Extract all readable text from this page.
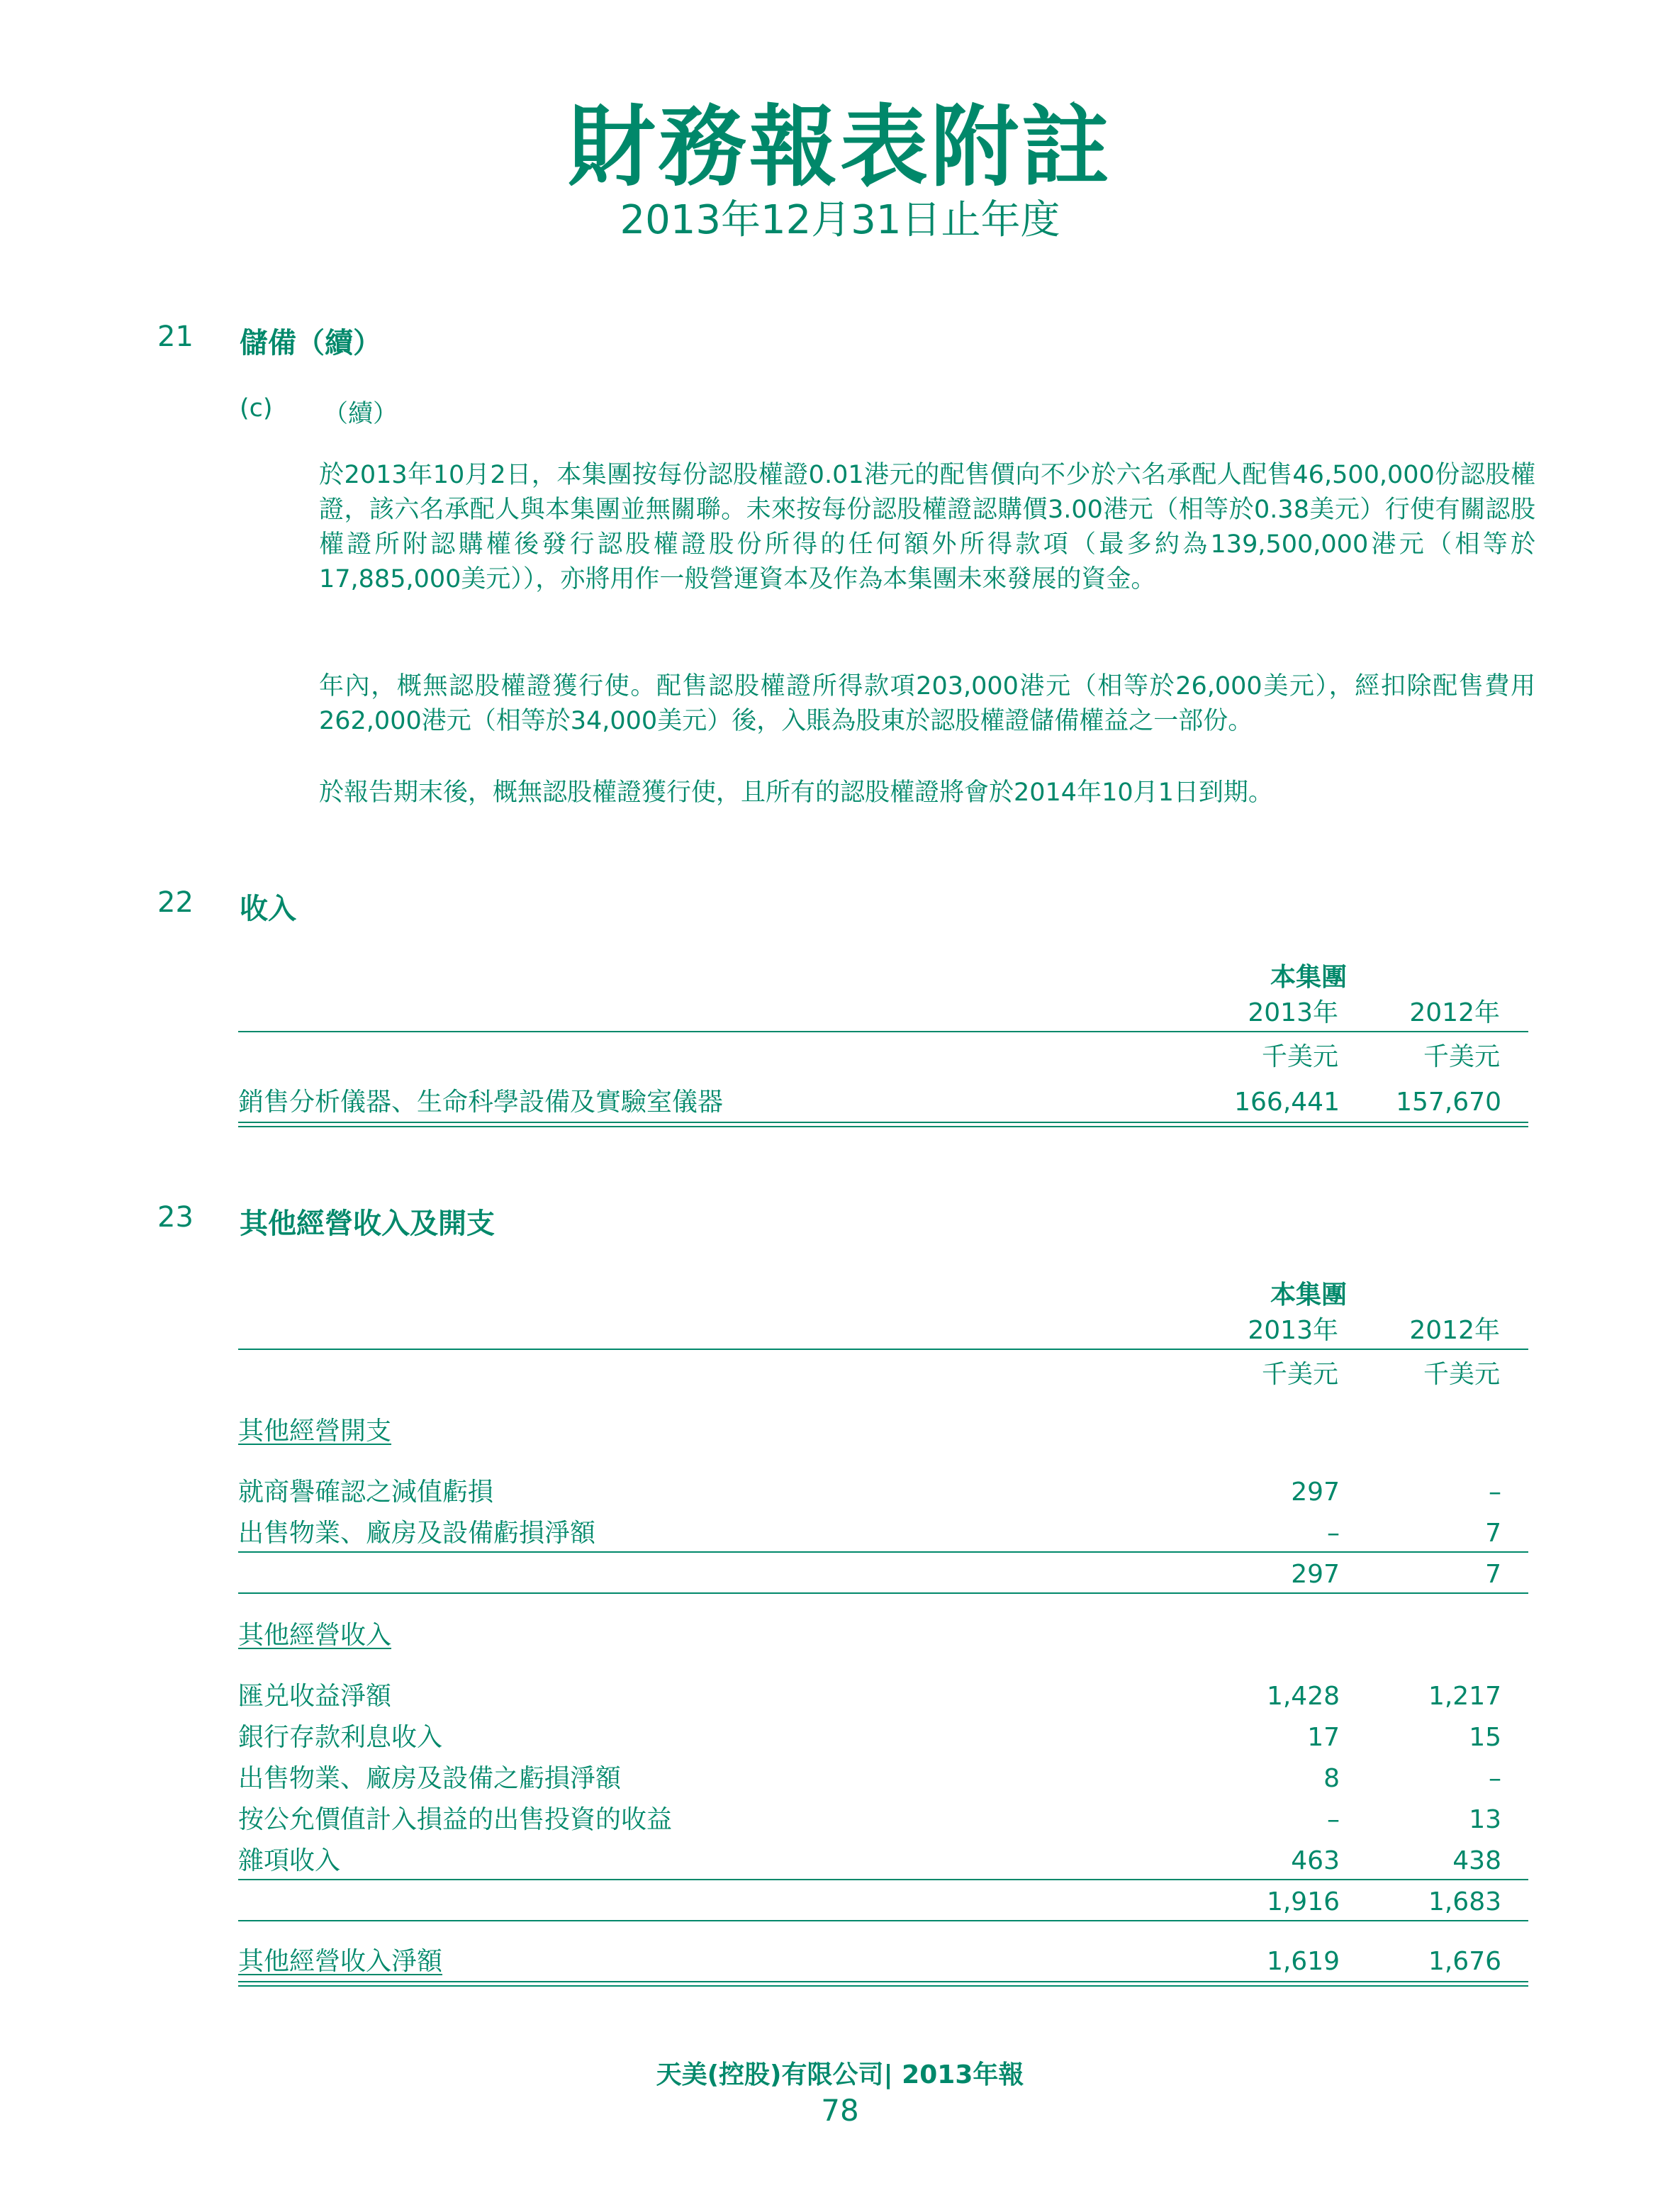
財務報表附註
2013年12月31日止年度
21 儲備（續）
(c) （續）

於2013年10月2日，本集團按每份認股權證0.01港元的配售價向不少於六名承配人配售46,500,000份認股權證，該六名承配人與本集團並無關聯。未來按每份認股權證認購價3.00港元（相等於0.38美元）行使有關認股權證所附認購權後發行認股權證股份所得的任何額外所得款項（最多約為139,500,000港元（相等於17,885,000美元）），亦將用作一般營運資本及作為本集團未來發展的資金。

年內，概無認股權證獲行使。配售認股權證所得款項203,000港元（相等於26,000美元），經扣除配售費用262,000港元（相等於34,000美元）後，入賬為股東於認股權證儲備權益之一部份。

於報告期末後，概無認股權證獲行使，且所有的認股權證將會於2014年10月1日到期。

22 收入
本集團
2013年	2012年
千美元	千美元
銷售分析儀器、生命科學設備及實驗室儀器	166,441	157,670
23 其他經營收入及開支
本集團
2013年	2012年
千美元	千美元
其他經營開支
就商譽確認之減值虧損	297	–
出售物業、廠房及設備虧損淨額	–	7
297	7
其他經營收入
匯兑收益淨額	1,428	1,217
銀行存款利息收入	17	15
出售物業、廠房及設備之虧損淨額	8	–
按公允價值計入損益的出售投資的收益	–	13
雜項收入	463	438
1,916	1,683
其他經營收入淨額	1,619	1,676
天美(控股)有限公司| 2013年報
78
